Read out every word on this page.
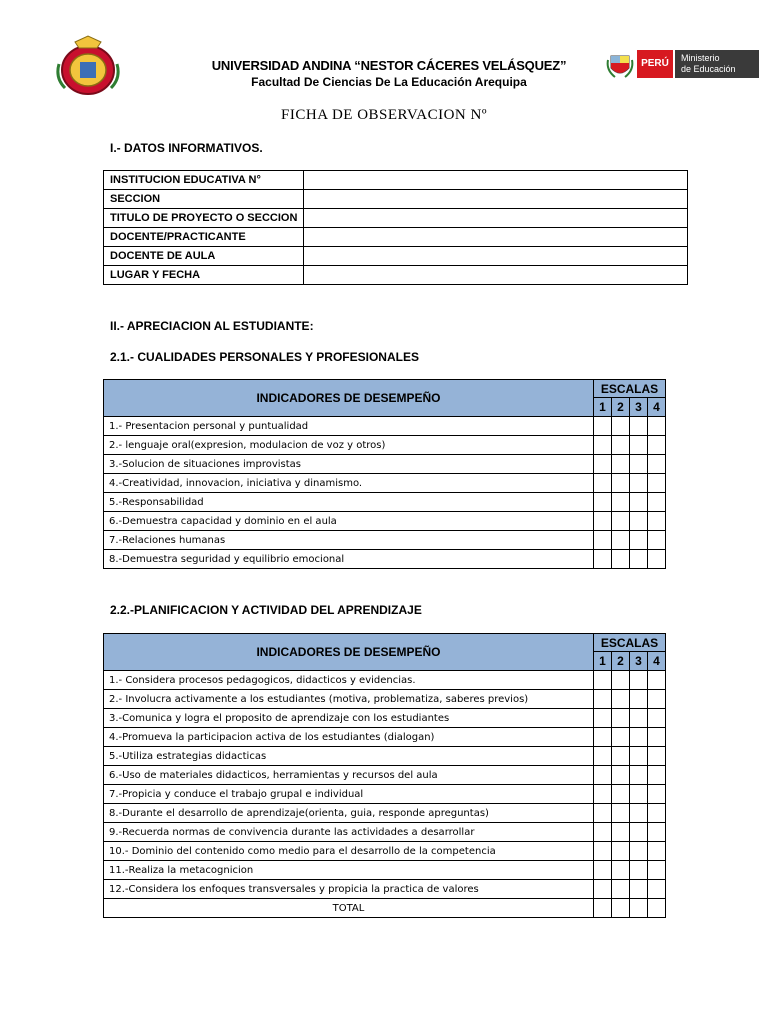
UNIVERSIDAD ANDINA “NESTOR CÁCERES VELÁSQUEZ”
Facultad De Ciencias De La Educación Arequipa
PERÚ	Ministerio
de Educación
FICHA DE OBSERVACION Nº
I.- DATOS INFORMATIVOS.
INSTITUCION EDUCATIVA N°	
SECCION	
TITULO DE PROYECTO O SECCION	
DOCENTE/PRACTICANTE	
DOCENTE DE AULA	
LUGAR Y FECHA	
II.- APRECIACION AL ESTUDIANTE:
2.1.- CUALIDADES PERSONALES Y PROFESIONALES
INDICADORES DE DESEMPEÑO	ESCALAS			
	1	2	3	4
1.- Presentacion personal y puntualidad				
2.- lenguaje oral(expresion, modulacion de voz y otros)				
3.-Solucion de situaciones improvistas				
4.-Creatividad, innovacion, iniciativa y dinamismo.				
5.-Responsabilidad				
6.-Demuestra capacidad y dominio en el aula				
7.-Relaciones humanas				
8.-Demuestra seguridad y equilibrio emocional				
2.2.-PLANIFICACION Y ACTIVIDAD DEL APRENDIZAJE
INDICADORES DE DESEMPEÑO	ESCALAS			
	1	2	3	4
1.- Considera procesos pedagogicos, didacticos y evidencias.				
2.- Involucra activamente a los estudiantes (motiva, problematiza, saberes previos)				
3.-Comunica y logra el proposito de aprendizaje con los estudiantes				
4.-Promueva la participacion activa de los estudiantes (dialogan)				
5.-Utiliza estrategias didacticas				
6.-Uso de materiales didacticos, herramientas y recursos del aula				
7.-Propicia y conduce el trabajo grupal e individual				
8.-Durante el desarrollo de aprendizaje(orienta, guia, responde apreguntas)				
9.-Recuerda normas de convivencia durante las actividades a desarrollar				
10.- Dominio del contenido como medio para el desarrollo de la competencia				
11.-Realiza la metacognicion				
12.-Considera los enfoques transversales y propicia la practica de valores				
TOTAL				
